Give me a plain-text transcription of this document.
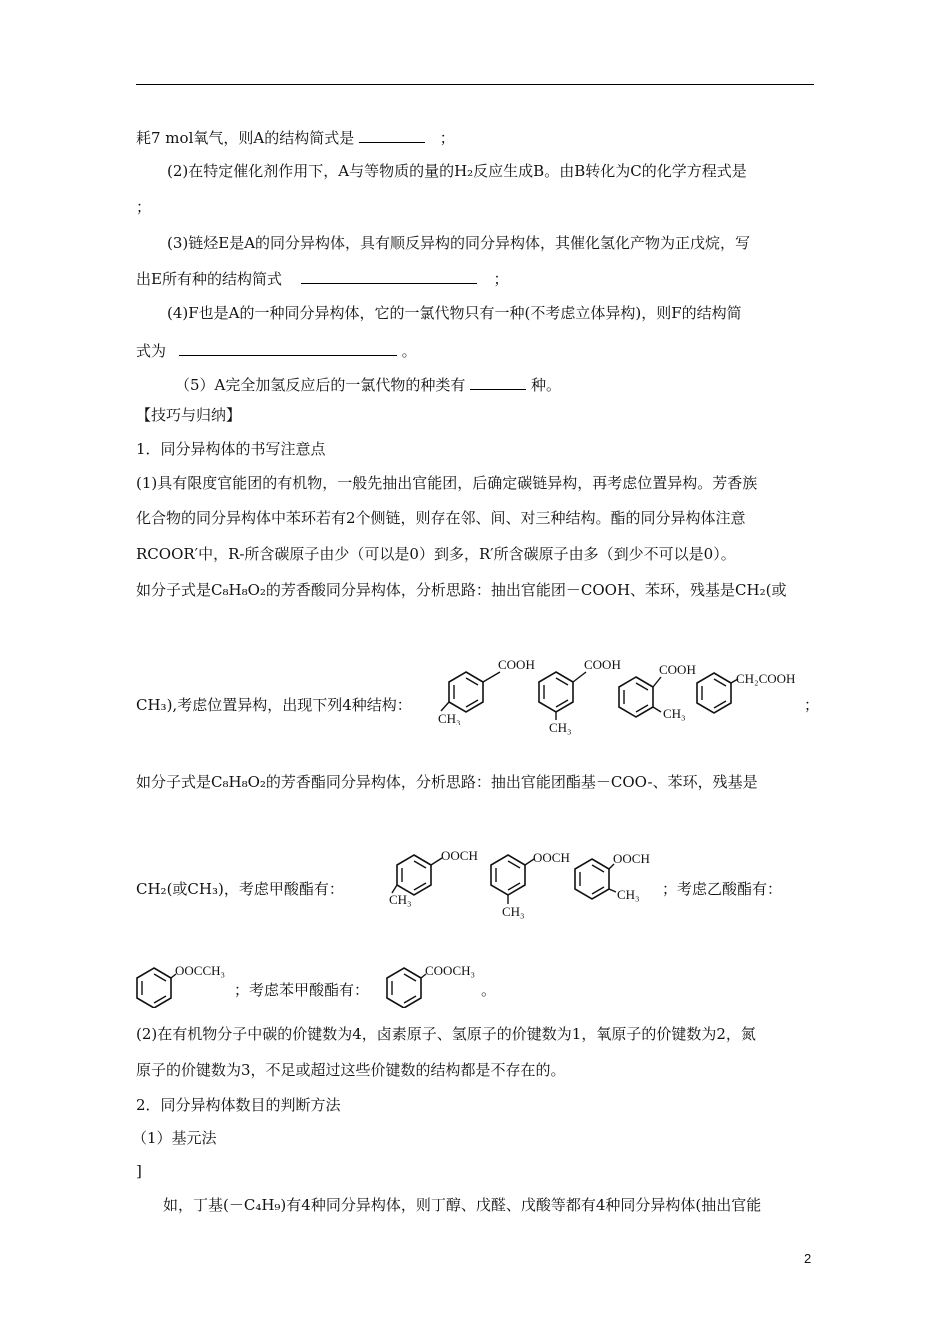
耗7 mol氧气，则A的结构简式是	；
(2)在特定催化剂作用下，A与等物质的量的H₂反应生成B。由B转化为C的化学方程式是
；
(3)链烃E是A的同分异构体，具有顺反异构的同分异构体，其催化氢化产物为正戊烷，写
出E所有种的结构简式	；
(4)F也是A的一种同分异构体，它的一氯代物只有一种(不考虑立体异构)，则F的结构简
式为	。
（5）A完全加氢反应后的一氯代物的种类有	种。
【技巧与归纳】
1．同分异构体的书写注意点
(1)具有限度官能团的有机物，一般先抽出官能团，后确定碳链异构，再考虑位置异构。芳香族
化合物的同分异构体中苯环若有2个侧链，则存在邻、间、对三种结构。酯的同分异构体注意
RCOOR′中，R-所含碳原子由少（可以是0）到多，R′所含碳原子由多（到少不可以是0）。
如分子式是C₈H₈O₂的芳香酸同分异构体，分析思路：抽出官能团－COOH、苯环，残基是CH₂(或
CH₃),考虑位置异构，出现下列4种结构：	；
COOH
CH₃
COOH
CH₃
COOH
CH₃
CH₂COOH
如分子式是C₈H₈O₂的芳香酯同分异构体，分析思路：抽出官能团酯基－COO-、苯环，残基是
CH₂(或CH₃)，考虑甲酸酯有：	；考虑乙酸酯有：
OOCH
CH₃
OOCH
CH₃
OOCH
CH₃
OOCCH₃
；考虑苯甲酸酯有：
COOCH₃
。
(2)在有机物分子中碳的价键数为4，卤素原子、氢原子的价键数为1，氧原子的价键数为2，氮
原子的价键数为3，不足或超过这些价键数的结构都是不存在的。
2．同分异构体数目的判断方法
（1）基元法
]
如，丁基(－C₄H₉)有4种同分异构体，则丁醇、戊醛、戊酸等都有4种同分异构体(抽出官能
2
